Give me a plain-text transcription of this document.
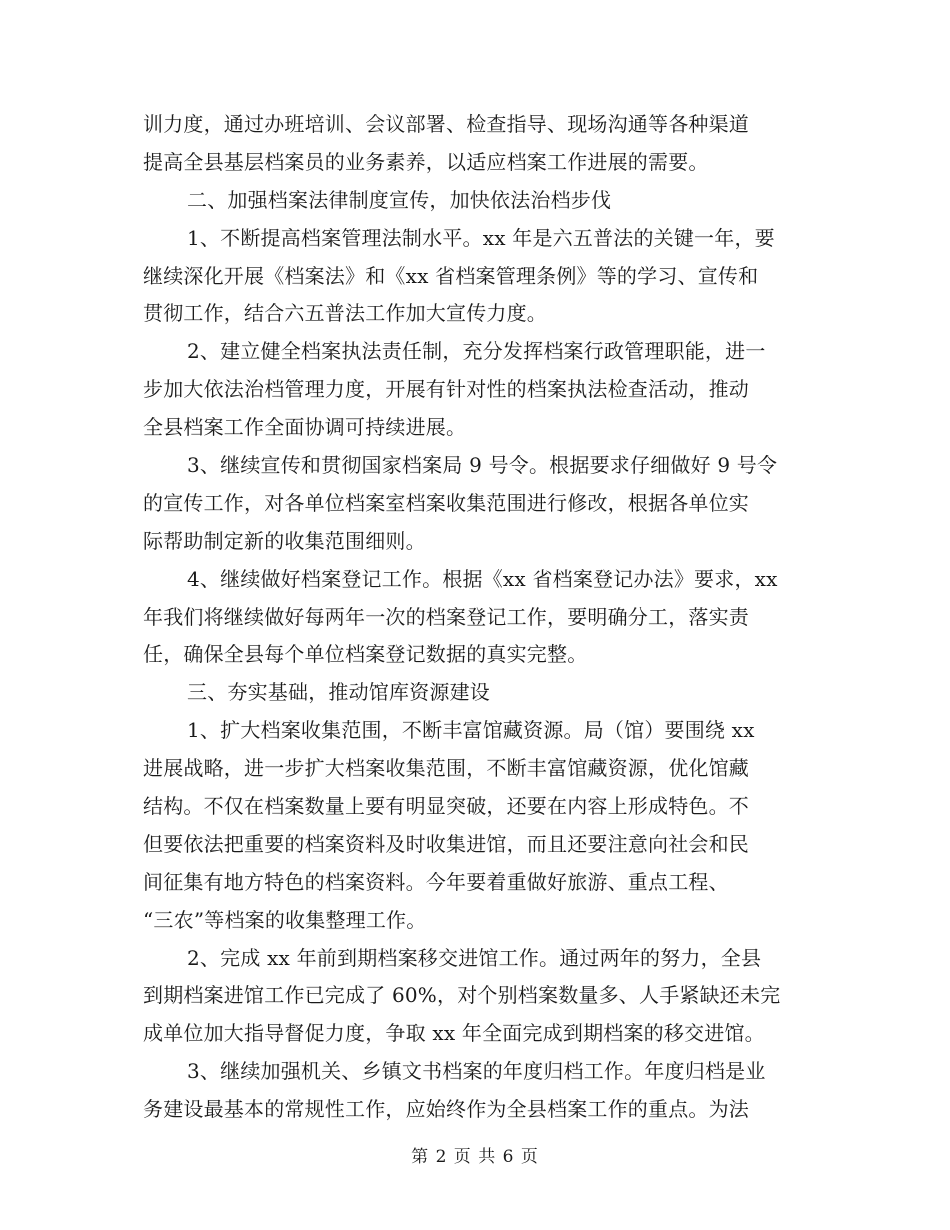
训力度，通过办班培训、会议部署、检查指导、现场沟通等各种渠道
提高全县基层档案员的业务素养，以适应档案工作进展的需要。
二、加强档案法律制度宣传，加快依法治档步伐
1、不断提高档案管理法制水平。xx 年是六五普法的关键一年，要
继续深化开展《档案法》和《xx 省档案管理条例》等的学习、宣传和
贯彻工作，结合六五普法工作加大宣传力度。
2、建立健全档案执法责任制，充分发挥档案行政管理职能，进一
步加大依法治档管理力度，开展有针对性的档案执法检查活动，推动
全县档案工作全面协调可持续进展。
3、继续宣传和贯彻国家档案局 9 号令。根据要求仔细做好 9 号令
的宣传工作，对各单位档案室档案收集范围进行修改，根据各单位实
际帮助制定新的收集范围细则。
4、继续做好档案登记工作。根据《xx 省档案登记办法》要求，xx
年我们将继续做好每两年一次的档案登记工作，要明确分工，落实责
任，确保全县每个单位档案登记数据的真实完整。
三、夯实基础，推动馆库资源建设
1、扩大档案收集范围，不断丰富馆藏资源。局（馆）要围绕 xx
进展战略，进一步扩大档案收集范围，不断丰富馆藏资源，优化馆藏
结构。不仅在档案数量上要有明显突破，还要在内容上形成特色。不
但要依法把重要的档案资料及时收集进馆，而且还要注意向社会和民
间征集有地方特色的档案资料。今年要着重做好旅游、重点工程、
“三农”等档案的收集整理工作。
2、完成 xx 年前到期档案移交进馆工作。通过两年的努力，全县
到期档案进馆工作已完成了 60%，对个别档案数量多、人手紧缺还未完
成单位加大指导督促力度，争取 xx 年全面完成到期档案的移交进馆。
3、继续加强机关、乡镇文书档案的年度归档工作。年度归档是业
务建设最基本的常规性工作，应始终作为全县档案工作的重点。为法
第 2 页 共 6 页
